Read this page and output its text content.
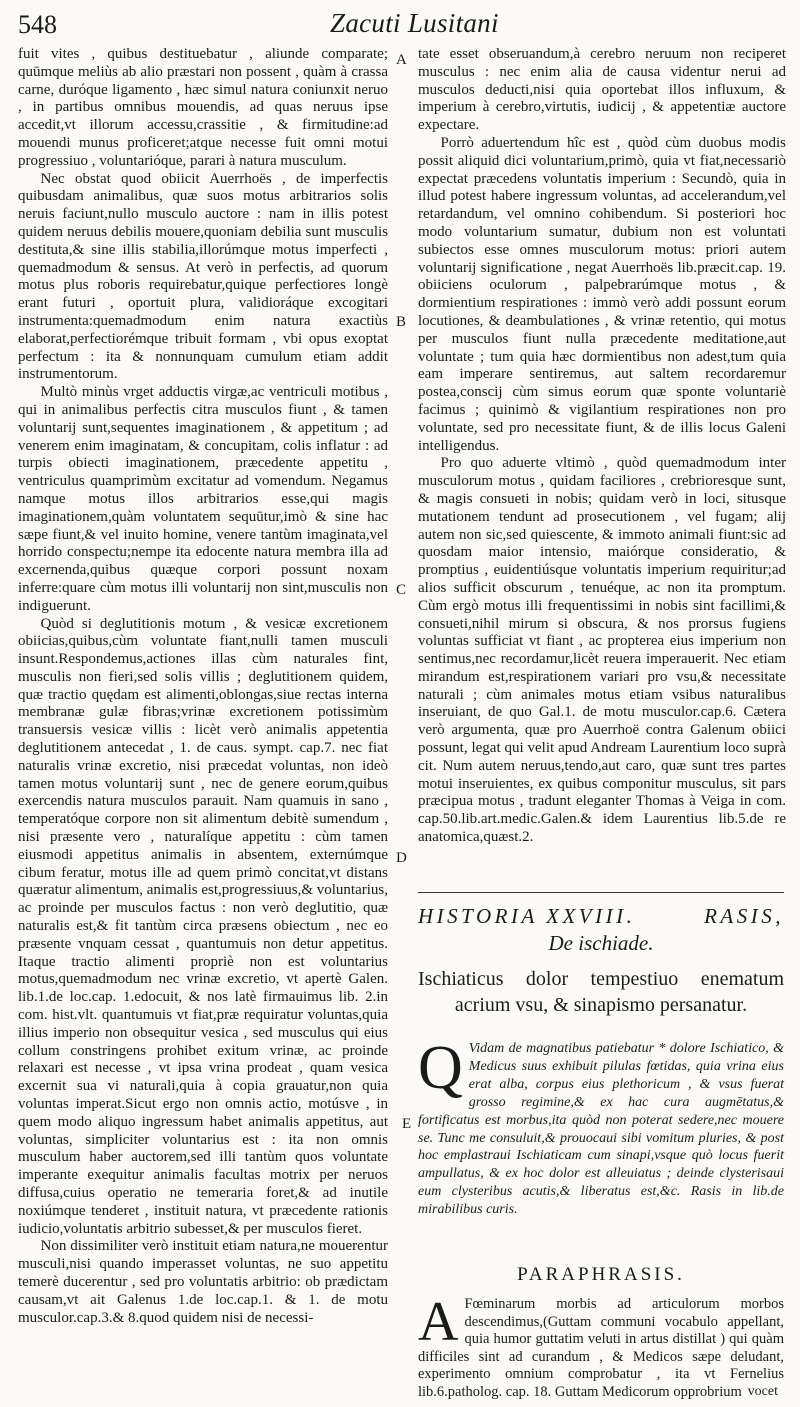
548	Zacuti Lusitani

fuit vites , quibus destituebatur , aliunde comparate; quūmque meliùs ab alio præstari non possent , quàm à crassa carne, duróque ligamento , hæc simul natura coniunxit neruo , in partibus omnibus mouendis, ad quas neruus ipse accedit,vt illorum accessu,crassitie , & firmitudine:ad mouendi munus proficeret;atque necesse fuit omni motui progressiuo , voluntarióque, parari à natura musculum.

Nec obstat quod obiicit Auerrhoës , de imperfectis quibusdam animalibus, quæ suos motus arbitrarios solis neruis faciunt,nullo musculo auctore : nam in illis potest quidem neruus debilis mouere,quoniam debilia sunt musculis destituta,& sine illis stabilia,illorúmque motus imperfecti , quemadmodum & sensus. At verò in perfectis, ad quorum motus plus roboris requirebatur,quique perfectiores longè erant futuri , oportuit plura, validioráque excogitari instrumenta:quemadmodum enim natura exactiùs elaborat,perfectiorémque tribuit formam , vbi opus exoptat perfectum : ita & nonnunquam cumulum etiam addit instrumentorum.

Multò minùs vrget adductis virgæ,ac ventriculi motibus , qui in animalibus perfectis citra musculos fiunt , & tamen voluntarij sunt,sequentes imaginationem , & appetitum ; ad venerem enim imaginatam, & concupitam, colis inflatur : ad turpis obiecti imaginationem, præcedente appetitu , ventriculus quamprimùm excitatur ad vomendum. Negamus namque motus illos arbitrarios esse,qui magis imaginationem,quàm voluntatem sequūtur,imò & sine hac sæpe fiunt,& vel inuito homine, venere tantùm imaginata,vel horrido conspectu;nempe ita edocente natura membra illa ad excernenda,quibus quæque corpori possunt noxam inferre:quare cùm motus illi voluntarij non sint,musculis non indiguerunt.

Quòd si deglutitionis motum , & vesicæ excretionem obiicias,quibus,cùm voluntate fiant,nulli tamen musculi insunt.Respondemus,actiones illas cùm naturales fint, musculis non fieri,sed solis villis ; deglutitionem quidem, quæ tractio quędam est alimenti,oblongas,siue rectas interna membranæ gulæ fibras;vrinæ excretionem potissimùm transuersis vesicæ villis : licèt verò animalis appetentia deglutitionem antecedat , 1. de caus. sympt. cap.7. nec fiat naturalis vrinæ excretio, nisi præcedat voluntas, non ideò tamen motus voluntarij sunt , nec de genere eorum,quibus exercendis natura musculos parauit. Nam quamuis in sano , temperatóque corpore non sit alimentum debitè sumendum , nisi præsente vero , naturalíque appetitu : cùm tamen eiusmodi appetitus animalis in absentem, externúmque cibum feratur, motus ille ad quem primò concitat,vt distans quæratur alimentum, animalis est,progressiuus,& voluntarius, ac proinde per musculos factus : non verò deglutitio, quæ naturalis est,& fit tantùm circa præsens obiectum , nec eo præsente vnquam cessat , quantumuis non detur appetitus. Itaque tractio alimenti propriè non est voluntarius motus,quemadmodum nec vrinæ excretio, vt apertè Galen. lib.1.de loc.cap. 1.edocuit, & nos latè firmauimus lib. 2.in com. hist.vlt. quantumuis vt fiat,præ requiratur voluntas,quia illius imperio non obsequitur vesica , sed musculus qui eius collum constringens prohibet exitum vrinæ, ac proinde relaxari est necesse , vt ipsa vrina prodeat , quam vesica excernit sua vi naturali,quia à copia grauatur,non quia voluntas imperat.Sicut ergo non omnis actio, motúsve , in quem modo aliquo ingressum habet animalis appetitus, aut voluntas, simpliciter voluntarius est : ita non omnis musculum haber auctorem,sed illi tantùm quos voluntate imperante exequitur animalis facultas motrix per neruos diffusa,cuius operatio ne temeraria foret,& ad inutile noxiúmque tenderet , instituit natura, vt præcedente rationis iudicio,voluntatis arbitrio subesset,& per musculos fieret.

Non dissimiliter verò instituit etiam natura,ne mouerentur musculi,nisi quando imperasset voluntas, ne suo appetitu temerè ducerentur , sed pro voluntatis arbitrio: ob prædictam causam,vt ait Galenus 1.de loc.cap.1. & 1. de motu musculor.cap.3.& 8.quod quidem nisi de necessi-

A
B
C
D
E

tate esset obseruandum,à cerebro neruum non reciperet musculus : nec enim alia de causa videntur nerui ad musculos deducti,nisi quia oportebat illos influxum, & imperium à cerebro,virtutis, iudicij , & appetentiæ auctore expectare.

Porrò aduertendum hîc est , quòd cùm duobus modis possit aliquid dici voluntarium,primò, quia vt fiat,necessariò expectat præcedens voluntatis imperium : Secundò, quia in illud potest habere ingressum voluntas, ad accelerandum,vel retardandum, vel omnino cohibendum. Si posteriori hoc modo voluntarium sumatur, dubium non est voluntati subiectos esse omnes musculorum motus: priori autem voluntarij significatione , negat Auerrhoës lib.præcit.cap. 19. obiiciens oculorum , palpebrarúmque motus , & dormientium respirationes : immò verò addi possunt eorum locutiones, & deambulationes , & vrinæ retentio, qui motus per musculos fiunt nulla præcedente meditatione,aut voluntate ; tum quia hæc dormientibus non adest,tum quia eam imperare sentiremus, aut saltem recordaremur postea,conscij cùm simus eorum quæ sponte voluntariè facimus ; quinimò & vigilantium respirationes non pro voluntate, sed pro necessitate fiunt, & de illis locus Galeni intelligendus.

Pro quo aduerte vltimò , quòd quemadmodum inter musculorum motus , quidam faciliores , crebrioresque sunt, & magis consueti in nobis; quidam verò in loci, situsque mutationem tendunt ad prosecutionem , vel fugam; alij autem non sic,sed quiescente, & immoto animali fiunt:sic ad quosdam maior intensio, maiórque consideratio, & promptius , euidentiúsque voluntatis imperium requiritur;ad alios sufficit obscurum , tenuéque, ac non ita promptum. Cùm ergò motus illi frequentissimi in nobis sint facillimi,& consueti,nihil mirum si obscura, & nos prorsus fugiens voluntas sufficiat vt fiant , ac propterea eius imperium non sentimus,nec recordamur,licèt reuera imperauerit. Nec etiam mirandum est,respirationem variari pro vsu,& necessitate naturali ; cùm animales motus etiam vsibus naturalibus inseruiant, de quo Gal.1. de motu musculor.cap.6. Cætera verò argumenta, quæ pro Auerrhoë contra Galenum obiici possunt, legat qui velit apud Andream Laurentium loco suprà cit. Num autem neruus,tendo,aut caro, quæ sunt tres partes motui inseruientes, ex quibus componitur musculus, sit pars præcipua motus , tradunt eleganter Thomas à Veiga in com. cap.50.lib.art.medic.Galen.& idem Laurentius lib.5.de re anatomica,quæst.2.

HISTORIA XXVIII.	RASIS,
De ischiade.
Ischiaticus dolor tempestiuo enematum acrium vsu, & sinapismo persanatur.
Q Vidam de magnatibus patiebatur * dolore Ischiatico, & Medicus suus exhibuit pilulas fœtidas, quia vrina eius erat alba, corpus eius plethoricum , & vsus fuerat grosso regimine,& ex hac cura augmētatus,& fortificatus est morbus,ita quòd non poterat sedere,nec mouere se. Tunc me consuluit,& prouocaui sibi vomitum pluries, & post hoc emplastraui Ischiaticam cum sinapi,vsque quò locus fuerit ampullatus, & ex hoc dolor est alleuiatus ; deinde clysterisaui eum clysteribus acutis,& liberatus est,&c. Rasis in lib.de mirabilibus curis.
PARAPHRASIS.
A Fœminarum morbis ad articulorum morbos descendimus,(Guttam communi vocabulo appellant, quia humor guttatim veluti in artus distillat ) qui quàm difficiles sint ad curandum , & Medicos sæpe deludant, experimento omnium comprobatur , ita vt Fernelius lib.6.patholog. cap. 18. Guttam Medicorum opprobrium vocet
